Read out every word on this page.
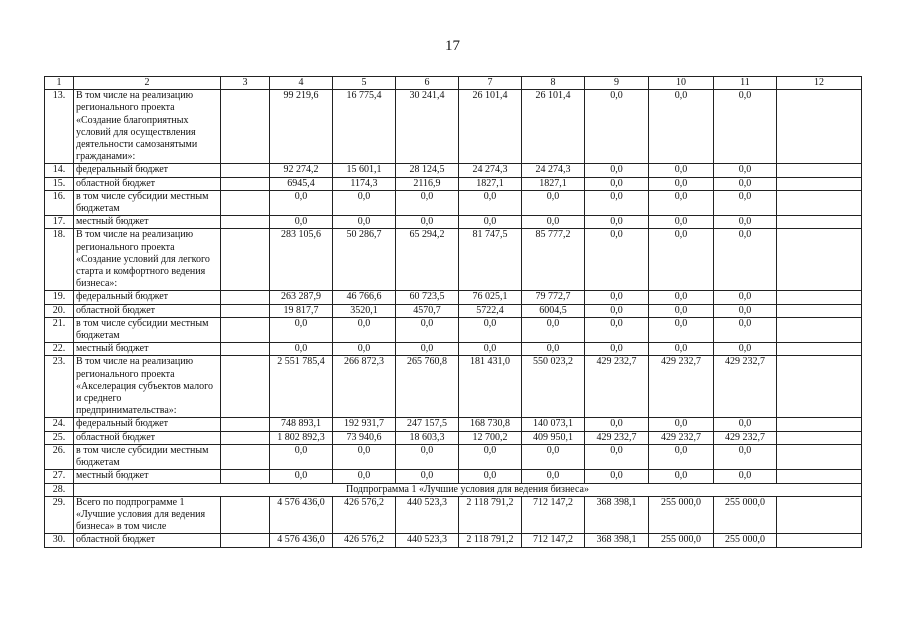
17
1	2	3	4	5	6	7	8	9	10	11	12
13.	В том числе на реализацию регионального проекта «Создание благоприятных условий для осуществления деятельности самозанятыми гражданами»:		99 219,6	16 775,4	30 241,4	26 101,4	26 101,4	0,0	0,0	0,0	
14.	федеральный бюджет		92 274,2	15 601,1	28 124,5	24 274,3	24 274,3	0,0	0,0	0,0	
15.	областной бюджет		6945,4	1174,3	2116,9	1827,1	1827,1	0,0	0,0	0,0	
16.	в том числе субсидии местным бюджетам		0,0	0,0	0,0	0,0	0,0	0,0	0,0	0,0	
17.	местный бюджет		0,0	0,0	0,0	0,0	0,0	0,0	0,0	0,0	
18.	В том числе на реализацию регионального проекта «Создание условий для легкого старта и комфортного ведения бизнеса»:		283 105,6	50 286,7	65 294,2	81 747,5	85 777,2	0,0	0,0	0,0	
19.	федеральный бюджет		263 287,9	46 766,6	60 723,5	76 025,1	79 772,7	0,0	0,0	0,0	
20.	областной бюджет		19 817,7	3520,1	4570,7	5722,4	6004,5	0,0	0,0	0,0	
21.	в том числе субсидии местным бюджетам		0,0	0,0	0,0	0,0	0,0	0,0	0,0	0,0	
22.	местный бюджет		0,0	0,0	0,0	0,0	0,0	0,0	0,0	0,0	
23.	В том числе на реализацию регионального проекта «Акселерация субъектов малого и среднего предпринимательства»:		2 551 785,4	266 872,3	265 760,8	181 431,0	550 023,2	429 232,7	429 232,7	429 232,7	
24.	федеральный бюджет		748 893,1	192 931,7	247 157,5	168 730,8	140 073,1	0,0	0,0	0,0	
25.	областной бюджет		1 802 892,3	73 940,6	18 603,3	12 700,2	409 950,1	429 232,7	429 232,7	429 232,7	
26.	в том числе субсидии местным бюджетам		0,0	0,0	0,0	0,0	0,0	0,0	0,0	0,0	
27.	местный бюджет		0,0	0,0	0,0	0,0	0,0	0,0	0,0	0,0	
28.	Подпрограмма 1 «Лучшие условия для ведения бизнеса»										
29.	Всего по подпрограмме 1 «Лучшие условия для ведения бизнеса» в том числе		4 576 436,0	426 576,2	440 523,3	2 118 791,2	712 147,2	368 398,1	255 000,0	255 000,0	
30.	областной бюджет		4 576 436,0	426 576,2	440 523,3	2 118 791,2	712 147,2	368 398,1	255 000,0	255 000,0	
